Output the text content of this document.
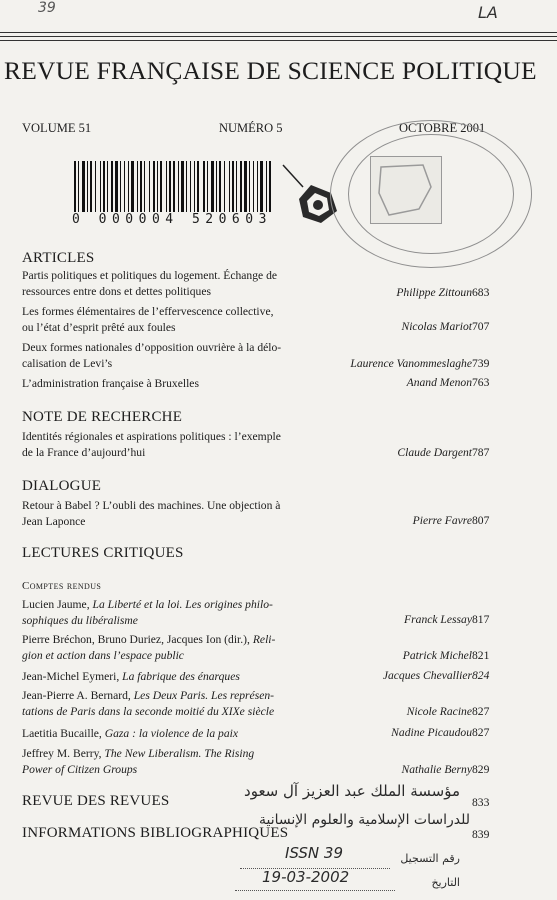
39	LA
REVUE FRANÇAISE DE SCIENCE POLITIQUE
VOLUME 51	NUMÉRO 5	OCTOBRE 2001
0 000004 520603
ARTICLES
Partis politiques et politiques du logement. Échange de
ressources entre dons et dettes politiques	Philippe Zittoun 683
Les formes élémentaires de l’effervescence collective,
ou l’état d’esprit prêté aux foules	Nicolas Mariot 707
Deux formes nationales d’opposition ouvrière à la délo-
calisation de Levi’s	Laurence Vanommeslaghe 739
L’administration française à Bruxelles	Anand Menon 763
NOTE DE RECHERCHE
Identités régionales et aspirations politiques : l’exemple
de la France d’aujourd’hui	Claude Dargent 787
DIALOGUE
Retour à Babel ? L’oubli des machines. Une objection à
Jean Laponce	Pierre Favre 807
LECTURES CRITIQUES
Comptes rendus
Lucien Jaume, La Liberté et la loi. Les origines philo-
sophiques du libéralisme	Franck Lessay 817
Pierre Bréchon, Bruno Duriez, Jacques Ion (dir.), Reli-
gion et action dans l’espace public	Patrick Michel 821
Jean-Michel Eymeri, La fabrique des énarques	Jacques Chevallier 824
Jean-Pierre A. Bernard, Les Deux Paris. Les représen-
tations de Paris dans la seconde moitié du XIXe siècle	Nicole Racine 827
Laetitia Bucaille, Gaza : la violence de la paix	Nadine Picaudou 827
Jeffrey M. Berry, The New Liberalism. The Rising
Power of Citizen Groups	Nathalie Berny 829
REVUE DES REVUES	833
INFORMATIONS BIBLIOGRAPHIQUES	839
مؤسسة الملك عبد العزيز آل سعود
للدراسات الإسلامية والعلوم الإنسانية
رقم التسجيل
ISSN 39
التاريخ
19-03-2002
